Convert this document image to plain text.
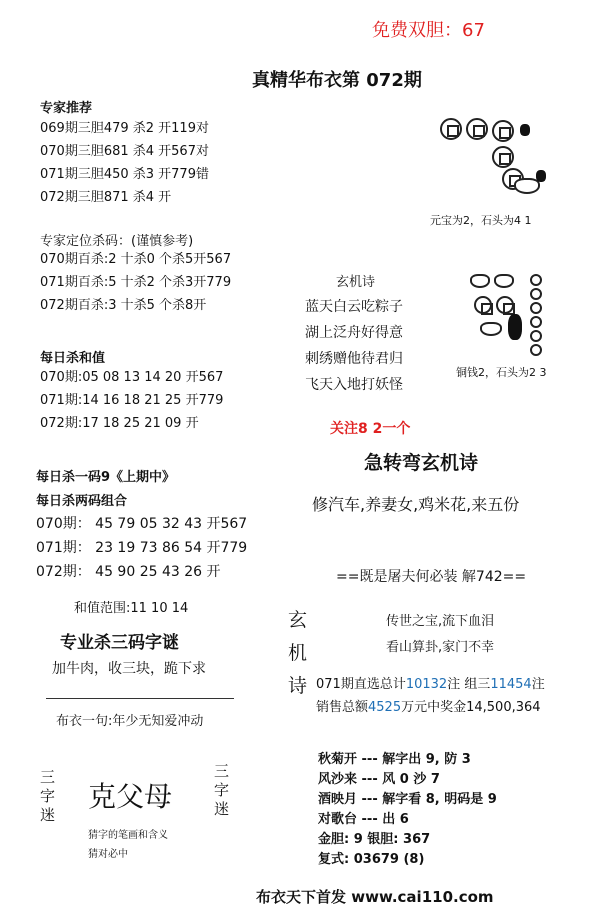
免费双胆：67
真精华布衣第 072期
专家推荐
069期三胆479 杀2 开119对
070期三胆681 杀4 开567对
071期三胆450 杀3 开779错
072期三胆871 杀4 开
专家定位杀码：(谨慎参考)
070期百杀:2 十杀0 个杀5开567
071期百杀:5 十杀2 个杀3开779
072期百杀:3 十杀5 个杀8开
每日杀和值
070期:05 08 13 14 20 开567
071期:14 16 18 21 25 开779
072期:17 18 25 21 09 开
每日杀一码9《上期中》
每日杀两码组合
070期： 45 79 05 32 43 开567
071期： 23 19 73 86 54 开779
072期： 45 90 25 43 26 开
和值范围:11 10 14
专业杀三码字谜
加牛肉，收三块，跪下求
布衣一句:年少无知爱冲动
三字迷
克父母
三字迷
猜字的笔画和含义
猜对必中
元宝为2，石头为4 1
铜钱2，石头为2 3
玄机诗
蓝天白云吃粽子
湖上泛舟好得意
刺绣赠他待君归
飞天入地打妖怪
关注8 2一个
急转弯玄机诗
修汽车,养妻女,鸡米花,来五份
==既是屠夫何必装 解742==
玄
机
诗
传世之宝,流下血泪
看山算卦,家门不幸
071期直选总计10132注 组三11454注
销售总额4525万元中奖金14,500,364
秋菊开 --- 解字出 9, 防 3
风沙来 --- 风 0 沙 7
酒映月 --- 解字看 8, 明码是 9
对歌台 --- 出 6
金胆: 9 银胆: 367
复式: 03679 (8)
布衣天下首发 www.cai110.com
